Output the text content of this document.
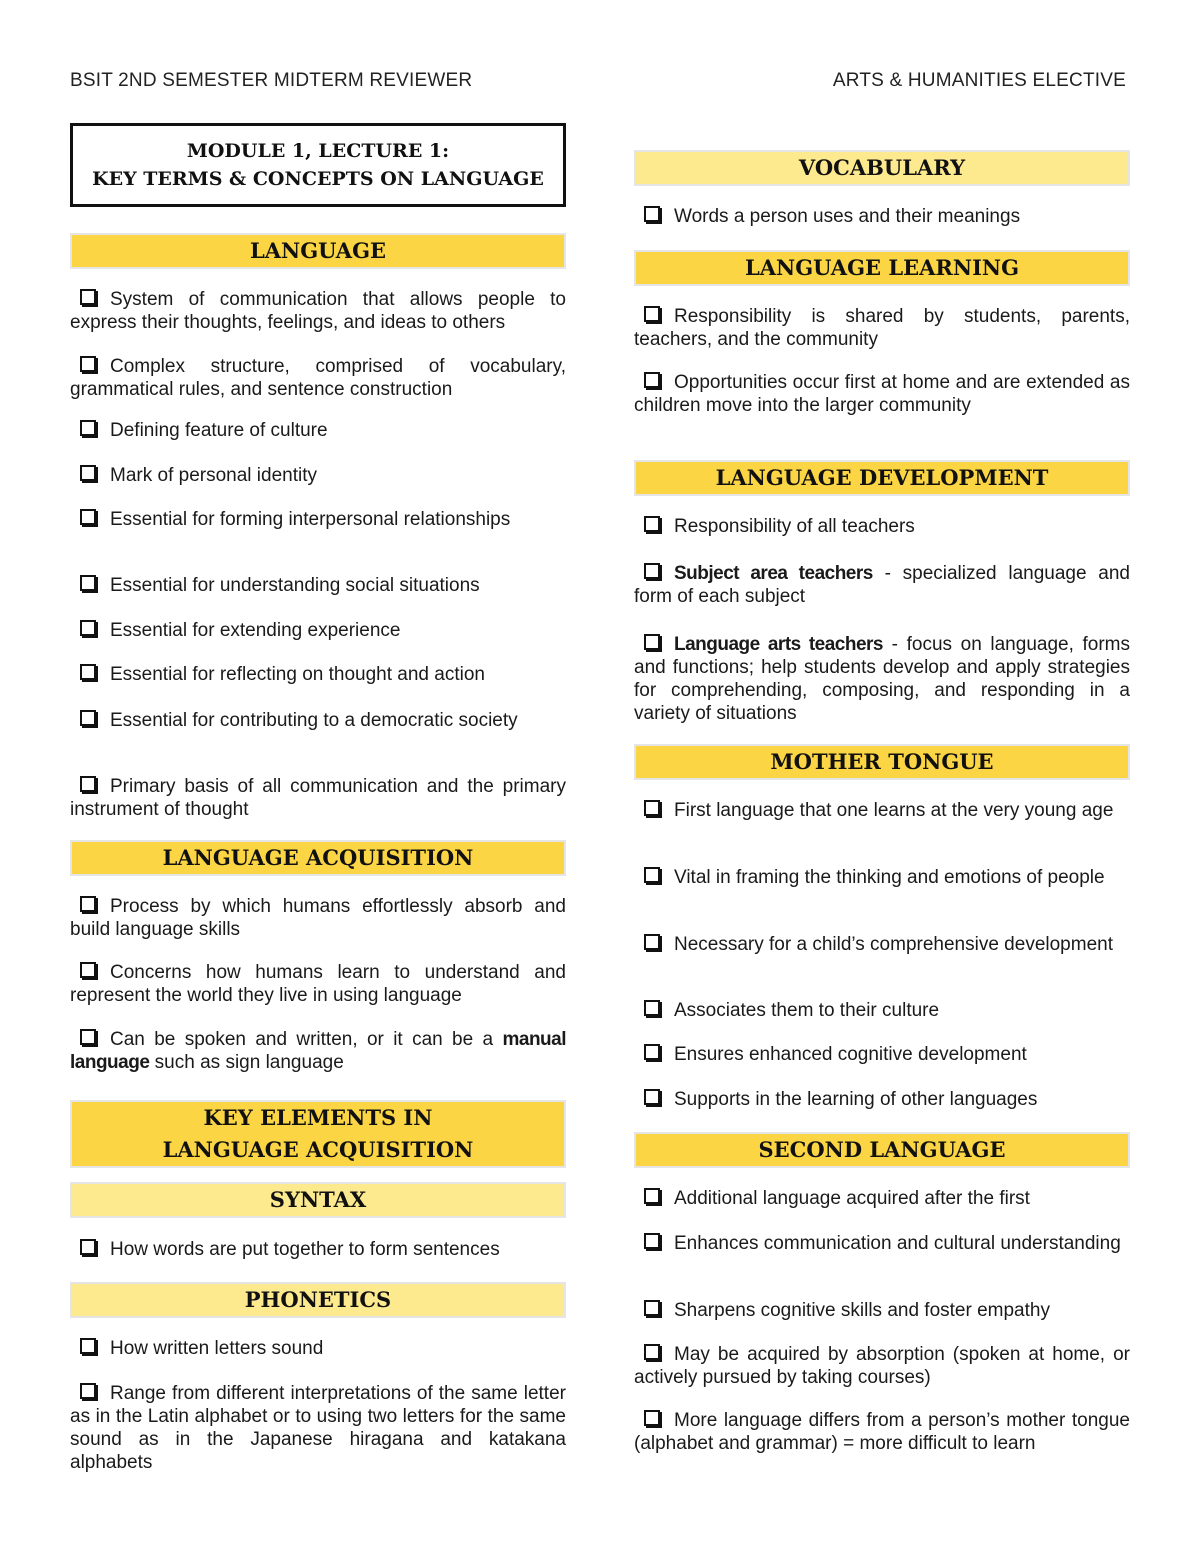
BSIT 2ND SEMESTER MIDTERM REVIEWER	ARTS & HUMANITIES ELECTIVE
MODULE 1, LECTURE 1:
KEY TERMS & CONCEPTS ON LANGUAGE
LANGUAGE
System of communication that allows people to express their thoughts, feelings, and ideas to others
Complex structure, comprised of vocabulary, grammatical rules, and sentence construction
Defining feature of culture
Mark of personal identity
Essential for forming interpersonal relationships
Essential for understanding social situations
Essential for extending experience
Essential for reflecting on thought and action
Essential for contributing to a democratic society
Primary basis of all communication and the primary instrument of thought
LANGUAGE ACQUISITION
Process by which humans effortlessly absorb and build language skills
Concerns how humans learn to understand and represent the world they live in using language
Can be spoken and written, or it can be a manual language such as sign language
KEY ELEMENTS IN
LANGUAGE ACQUISITION
SYNTAX
How words are put together to form sentences
PHONETICS
How written letters sound
Range from different interpretations of the same letter as in the Latin alphabet or to using two letters for the same sound as in the Japanese hiragana and katakana alphabets
VOCABULARY
Words a person uses and their meanings
LANGUAGE LEARNING
Responsibility is shared by students, parents, teachers, and the community
Opportunities occur first at home and are extended as children move into the larger community
LANGUAGE DEVELOPMENT
Responsibility of all teachers
Subject area teachers - specialized language and form of each subject
Language arts teachers - focus on language, forms and functions; help students develop and apply strategies for comprehending, composing, and responding in a variety of situations
MOTHER TONGUE
First language that one learns at the very young age
Vital in framing the thinking and emotions of people
Necessary for a child’s comprehensive development
Associates them to their culture
Ensures enhanced cognitive development
Supports in the learning of other languages
SECOND LANGUAGE
Additional language acquired after the first
Enhances communication and cultural understanding
Sharpens cognitive skills and foster empathy
May be acquired by absorption (spoken at home, or actively pursued by taking courses)
More language differs from a person’s mother tongue (alphabet and grammar) = more difficult to learn
